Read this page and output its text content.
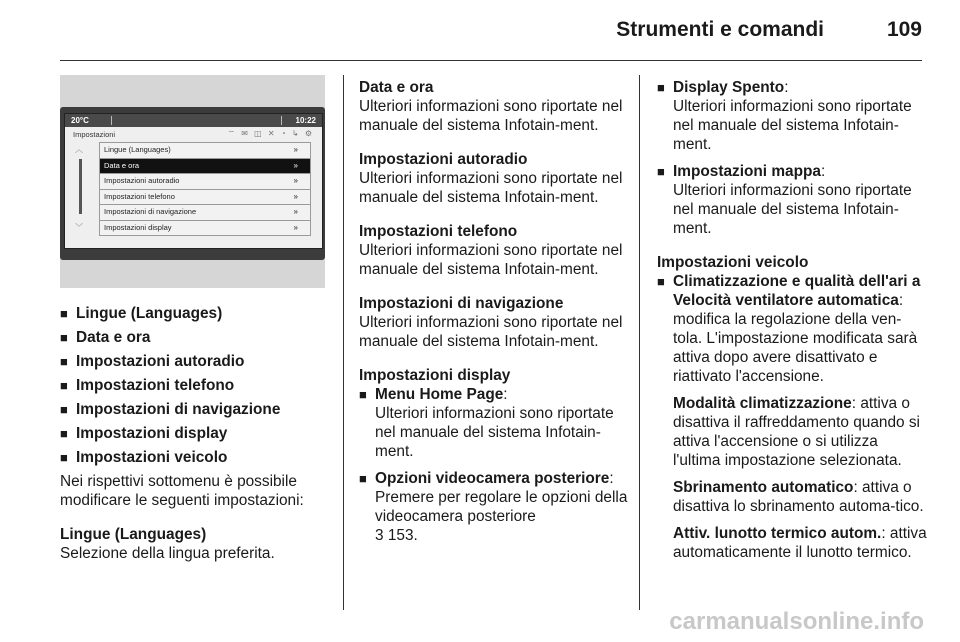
Strumenti e comandi	109
20°C	10:22
Impostazioni	⌔ ✉ ◫ ✕ ◔ ↳ ⚙
︿
﹀
Lingue (Languages)	»
Data e ora	»
Impostazioni autoradio	»
Impostazioni telefono	»
Impostazioni di navigazione	»
Impostazioni display	»

■ Lingue (Languages)

■ Data e ora

■ Impostazioni autoradio

■ Impostazioni telefono

■ Impostazioni di navigazione

■ Impostazioni display

■ Impostazioni veicolo

Nei rispettivi sottomenu è possibile modificare le seguenti impostazioni:

Lingue (Languages)

Selezione della lingua preferita.

Data e ora

Ulteriori informazioni sono riportate nel manuale del sistema Infotain-ment.

Impostazioni autoradio

Ulteriori informazioni sono riportate nel manuale del sistema Infotain-ment.

Impostazioni telefono

Ulteriori informazioni sono riportate nel manuale del sistema Infotain-ment.

Impostazioni di navigazione

Ulteriori informazioni sono riportate nel manuale del sistema Infotain-ment.

Impostazioni display

■ Menu Home Page:

Ulteriori informazioni sono riportate nel manuale del sistema Infotain-ment.

■ Opzioni videocamera posteriore:

Premere per regolare le opzioni della videocamera posteriore

3 153.

■ Display Spento:

Ulteriori informazioni sono riportate nel manuale del sistema Infotain-ment.

■ Impostazioni mappa:

Ulteriori informazioni sono riportate nel manuale del sistema Infotain-ment.

Impostazioni veicolo

■ Climatizzazione e qualità dell'ari a

Velocità ventilatore automatica: modifica la regolazione della ven-tola. L'impostazione modificata sarà attiva dopo avere disattivato e riattivato l'accensione.

Modalità climatizzazione: attiva o disattiva il raffreddamento quando si attiva l'accensione o si utilizza l'ultima impostazione selezionata.

Sbrinamento automatico: attiva o disattiva lo sbrinamento automa-tico.

Attiv. lunotto termico autom.: attiva automaticamente il lunotto termico.

carmanualsonline.info
